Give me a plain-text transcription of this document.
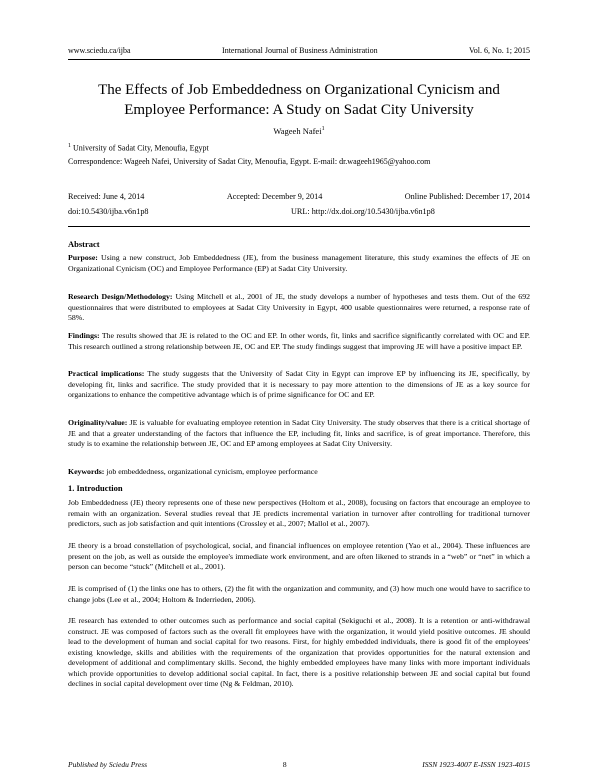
www.sciedu.ca/ijba	International Journal of Business Administration	Vol. 6, No. 1; 2015
The Effects of Job Embeddedness on Organizational Cynicism and Employee Performance: A Study on Sadat City University
Wageeh Nafei$^1$
$^1$ University of Sadat City, Menoufia, Egypt
Correspondence: Wageeh Nafei, University of Sadat City, Menoufia, Egypt. E-mail: dr.wageeh1965@yahoo.com
Received: June 4, 2014	Accepted: December 9, 2014	Online Published: December 17, 2014
doi:10.5430/ijba.v6n1p8	URL: http://dx.doi.org/10.5430/ijba.v6n1p8
Abstract
Purpose: Using a new construct, Job Embeddedness (JE), from the business management literature, this study examines the effects of JE on Organizational Cynicism (OC) and Employee Performance (EP) at Sadat City University.
Research Design/Methodology: Using Mitchell et al., 2001 of JE, the study develops a number of hypotheses and tests them. Out of the 692 questionnaires that were distributed to employees at Sadat City University in Egypt, 400 usable questionnaires were returned, a response rate of 58%.
Findings: The results showed that JE is related to the OC and EP. In other words, fit, links and sacrifice significantly correlated with OC and EP. This research outlined a strong relationship between JE, OC and EP. The study findings suggest that improving JE will have a positive impact EP.
Practical implications: The study suggests that the University of Sadat City in Egypt can improve EP by influencing its JE, specifically, by developing fit, links and sacrifice. The study provided that it is necessary to pay more attention to the dimensions of JE as a key source for organizations to enhance the competitive advantage which is of prime significance for OC and EP.
Originality/value: JE is valuable for evaluating employee retention in Sadat City University. The study observes that there is a critical shortage of JE and that a greater understanding of the factors that influence the EP, including fit, links and sacrifice, is of great importance. Therefore, this study is to examine the relationship between JE, OC and EP among employees at Sadat City University.
Keywords: job embeddedness, organizational cynicism, employee performance
1. Introduction
Job Embeddedness (JE) theory represents one of these new perspectives (Holtom et al., 2008), focusing on factors that encourage an employee to remain with an organization. Several studies reveal that JE predicts incremental variation in turnover after controlling for traditional turnover predictors, such as job satisfaction and quit intentions (Crossley et al., 2007; Mallol et al., 2007).
JE theory is a broad constellation of psychological, social, and financial influences on employee retention (Yao et al., 2004). These influences are present on the job, as well as outside the employee's immediate work environment, and are often likened to strands in a “web” or “net” in which a person can become “stuck” (Mitchell et al., 2001).
JE is comprised of (1) the links one has to others, (2) the fit with the organization and community, and (3) how much one would have to sacrifice to change jobs (Lee et al., 2004; Holtom & Inderrieden, 2006).
JE research has extended to other outcomes such as performance and social capital (Sekiguchi et al., 2008). It is a retention or anti-withdrawal construct. JE was composed of factors such as the overall fit employees have with the organization, it would yield positive outcomes. JE should lead to the development of human and social capital for two reasons. First, for highly embedded individuals, there is good fit of the employees' existing knowledge, skills and abilities with the requirements of the organization that provides opportunities for the natural extension and development of additional and complimentary skills. Second, the highly embedded employees have many links with more important individuals which provide opportunities to develop additional social capital. In fact, there is a positive relationship between JE and social capital but found declines in social capital development over time (Ng & Feldman, 2010).
Published by Sciedu Press	8	ISSN 1923-4007 E-ISSN 1923-4015
